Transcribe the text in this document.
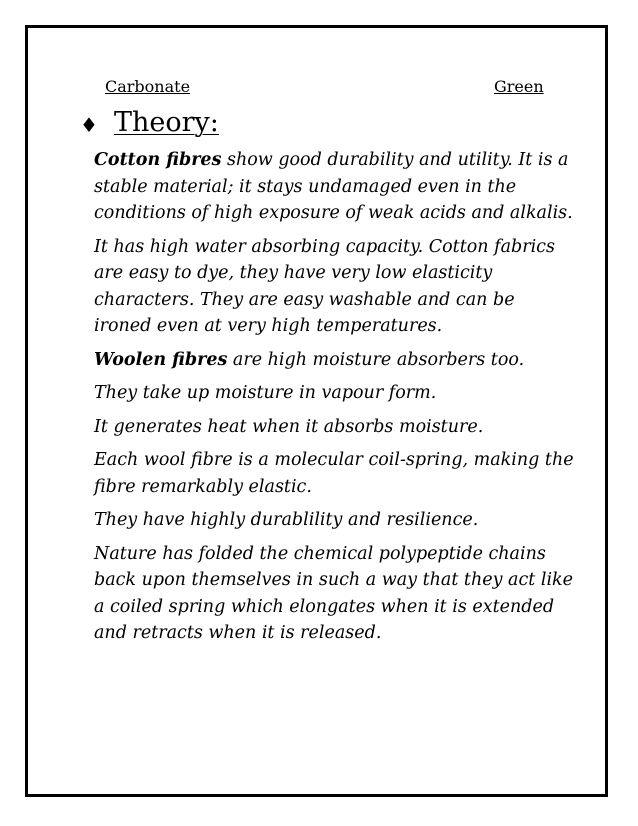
Carbonate	Green
♦ Theory:

Cotton fibres show good durability and utility. It is a stable material; it stays undamaged even in the conditions of high exposure of weak acids and alkalis.

It has high water absorbing capacity. Cotton fabrics are easy to dye, they have very low elasticity characters. They are easy washable and can be ironed even at very high temperatures.

Woolen fibres are high moisture absorbers too.

They take up moisture in vapour form.

It generates heat when it absorbs moisture.

Each wool fibre is a molecular coil-spring, making the fibre remarkably elastic.

They have highly durablility and resilience.

Nature has folded the chemical polypeptide chains back upon themselves in such a way that they act like a coiled spring which elongates when it is extended and retracts when it is released.
